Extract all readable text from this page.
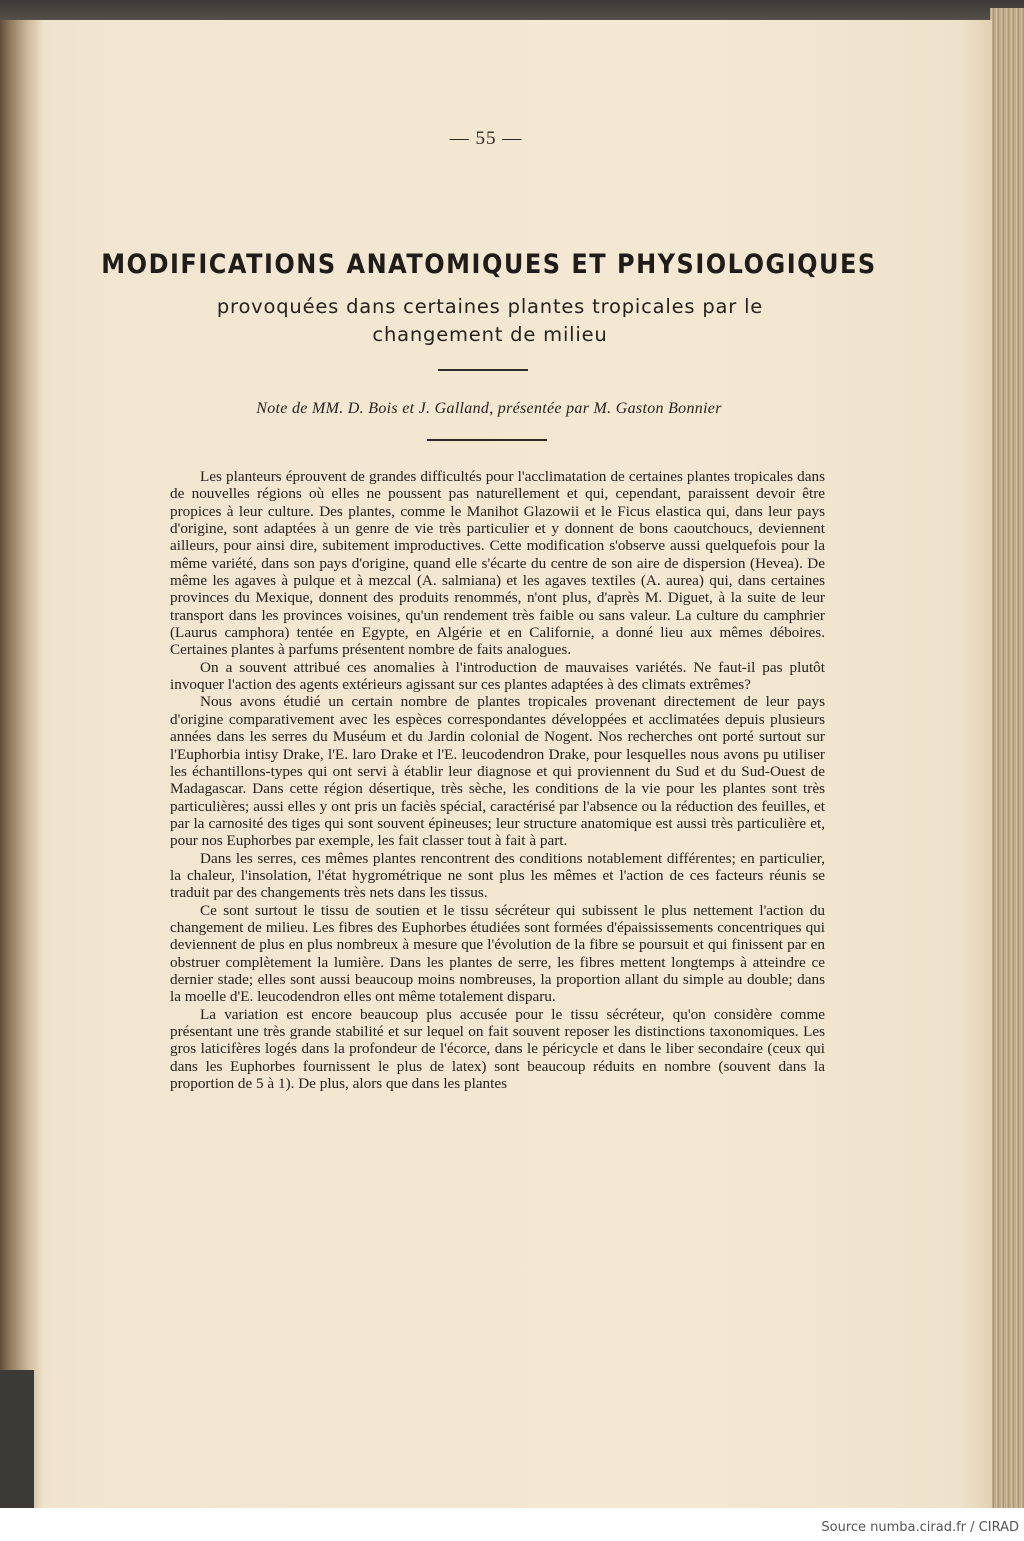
— 55 —
MODIFICATIONS ANATOMIQUES ET PHYSIOLOGIQUES
provoquées dans certaines plantes tropicales par le changement de milieu
Note de MM. D. Bois et J. Galland, présentée par M. Gaston Bonnier

Les planteurs éprouvent de grandes difficultés pour l'acclimatation de certaines plantes tropicales dans de nouvelles régions où elles ne poussent pas naturellement et qui, cependant, paraissent devoir être propices à leur culture. Des plantes, comme le Manihot Glazowii et le Ficus elastica qui, dans leur pays d'origine, sont adaptées à un genre de vie très particulier et y donnent de bons caoutchoucs, deviennent ailleurs, pour ainsi dire, subitement improductives. Cette modification s'observe aussi quelquefois pour la même variété, dans son pays d'origine, quand elle s'écarte du centre de son aire de dispersion (Hevea). De même les agaves à pulque et à mezcal (A. salmiana) et les agaves textiles (A. aurea) qui, dans certaines provinces du Mexique, donnent des produits renommés, n'ont plus, d'après M. Diguet, à la suite de leur transport dans les provinces voisines, qu'un rendement très faible ou sans valeur. La culture du camphrier (Laurus camphora) tentée en Egypte, en Algérie et en Californie, a donné lieu aux mêmes déboires. Certaines plantes à parfums présentent nombre de faits analogues.

On a souvent attribué ces anomalies à l'introduction de mauvaises variétés. Ne faut-il pas plutôt invoquer l'action des agents extérieurs agissant sur ces plantes adaptées à des climats extrêmes?

Nous avons étudié un certain nombre de plantes tropicales provenant directement de leur pays d'origine comparativement avec les espèces correspondantes développées et acclimatées depuis plusieurs années dans les serres du Muséum et du Jardin colonial de Nogent. Nos recherches ont porté surtout sur l'Euphorbia intisy Drake, l'E. laro Drake et l'E. leucodendron Drake, pour lesquelles nous avons pu utiliser les échantillons-types qui ont servi à établir leur diagnose et qui proviennent du Sud et du Sud-Ouest de Madagascar. Dans cette région désertique, très sèche, les conditions de la vie pour les plantes sont très particulières; aussi elles y ont pris un faciès spécial, caractérisé par l'absence ou la réduction des feuilles, et par la carnosité des tiges qui sont souvent épineuses; leur structure anatomique est aussi très particulière et, pour nos Euphorbes par exemple, les fait classer tout à fait à part.

Dans les serres, ces mêmes plantes rencontrent des conditions notablement différentes; en particulier, la chaleur, l'insolation, l'état hygrométrique ne sont plus les mêmes et l'action de ces facteurs réunis se traduit par des changements très nets dans les tissus.

Ce sont surtout le tissu de soutien et le tissu sécréteur qui subissent le plus nettement l'action du changement de milieu. Les fibres des Euphorbes étudiées sont formées d'épaississements concentriques qui deviennent de plus en plus nombreux à mesure que l'évolution de la fibre se poursuit et qui finissent par en obstruer complètement la lumière. Dans les plantes de serre, les fibres mettent longtemps à atteindre ce dernier stade; elles sont aussi beaucoup moins nombreuses, la proportion allant du simple au double; dans la moelle d'E. leucodendron elles ont même totalement disparu.

La variation est encore beaucoup plus accusée pour le tissu sécréteur, qu'on considère comme présentant une très grande stabilité et sur lequel on fait souvent reposer les distinctions taxonomiques. Les gros laticifères logés dans la profondeur de l'écorce, dans le péricycle et dans le liber secondaire (ceux qui dans les Euphorbes fournissent le plus de latex) sont beaucoup réduits en nombre (souvent dans la proportion de 5 à 1). De plus, alors que dans les plantes

Source numba.cirad.fr / CIRAD
